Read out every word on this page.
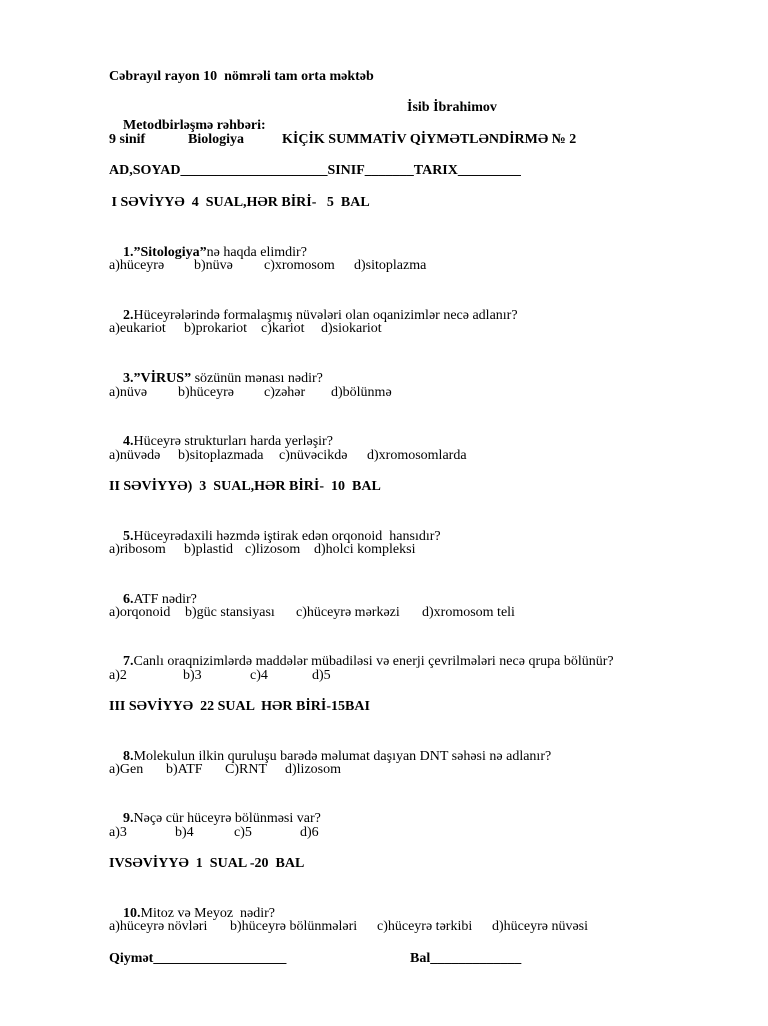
Cəbrayıl rayon 10  nömrəli tam orta məktəb

Metodbirləşmə rəhbəri:

İsib İbrahimov
9 sinif	Biologiya	KİÇİK SUMMATİV QİYMƏTLƏNDİRMƏ № 2
AD,SOYAD_____________________SINIF_______TARIX_________
I SƏVİYYƏ  4  SUAL,HƏR BİRİ-   5  BAL

1.”Sitologiya”nə haqda elimdir?

a)hüceyrə

b)nüvə

c)xromosom

d)sitoplazma

2.Hüceyrələrində formalaşmış nüvələri olan oqanizimlər necə adlanır?

a)eukariot

b)prokariot

c)kariot

d)siokariot

3.”VİRUS” sözünün mənası nədir?

a)nüvə

b)hüceyrə

c)zəhər

d)bölünmə

4.Hüceyrə strukturları harda yerləşir?

a)nüvədə

b)sitoplazmada

c)nüvəcikdə

d)xromosomlarda

II SƏVİYYƏ)  3  SUAL,HƏR BİRİ-  10  BAL

5.Hüceyrədaxili həzmdə iştirak edən orqonoid  hansıdır?

a)ribosom

b)plastid

c)lizosom

d)holci kompleksi

6.ATF nədir?

a)orqonoid

b)güc stansiyası

c)hüceyrə mərkəzi

d)xromosom teli

7.Canlı oraqnizimlərdə maddələr mübadiləsi və enerji çevrilmələri necə qrupa bölünür?

a)2

	b)3

	c)4

	d)5

III SƏVİYYƏ  22 SUAL  HƏR BİRİ-15BAI

8.Molekulun ilkin quruluşu barədə məlumat daşıyan DNT səhəsi nə adlanır?

a)Gen

b)ATF

C)RNT

d)lizosom

9.Nəçə cür hüceyrə bölünməsi var?

a)3

	b)4

	c)5

	d)6

IVSƏVİYYƏ  1  SUAL -20  BAL

10.Mitoz və Meyoz  nədir?

a)hüceyrə növləri

b)hüceyrə bölünmələri

c)hüceyrə tərkibi

d)hüceyrə nüvəsi

Qiymət___________________	Bal_____________
